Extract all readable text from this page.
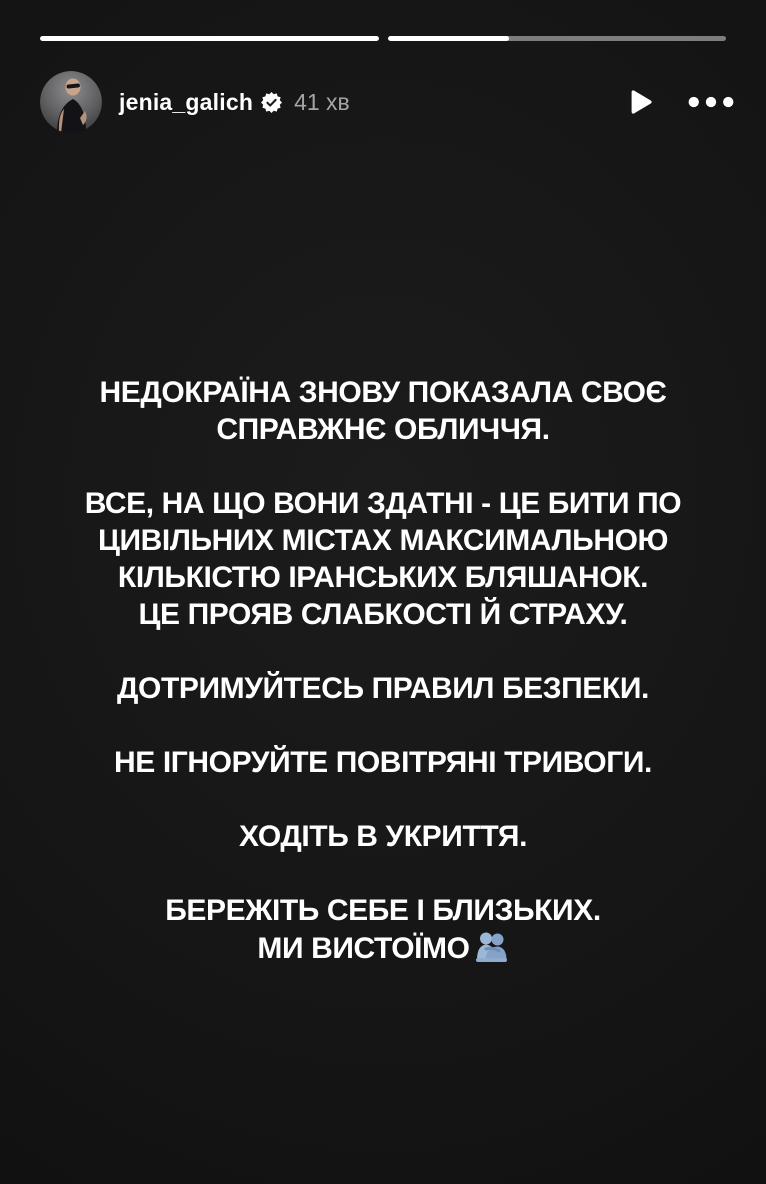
jenia_galich 41 хв
НЕДОКРАЇНА ЗНОВУ ПОКАЗАЛА СВОЄ
СПРАВЖНЄ ОБЛИЧЧЯ.
ВСЕ, НА ЩО ВОНИ ЗДАТНІ - ЦЕ БИТИ ПО
ЦИВІЛЬНИХ МІСТАХ МАКСИМАЛЬНОЮ
КІЛЬКІСТЮ ІРАНСЬКИХ БЛЯШАНОК.
ЦЕ ПРОЯВ СЛАБКОСТІ Й СТРАХУ.
ДОТРИМУЙТЕСЬ ПРАВИЛ БЕЗПЕКИ.
НЕ ІГНОРУЙТЕ ПОВІТРЯНІ ТРИВОГИ.
ХОДІТЬ В УКРИТТЯ.
БЕРЕЖІТЬ СЕБЕ І БЛИЗЬКИХ.
МИ ВИСТОЇМО
